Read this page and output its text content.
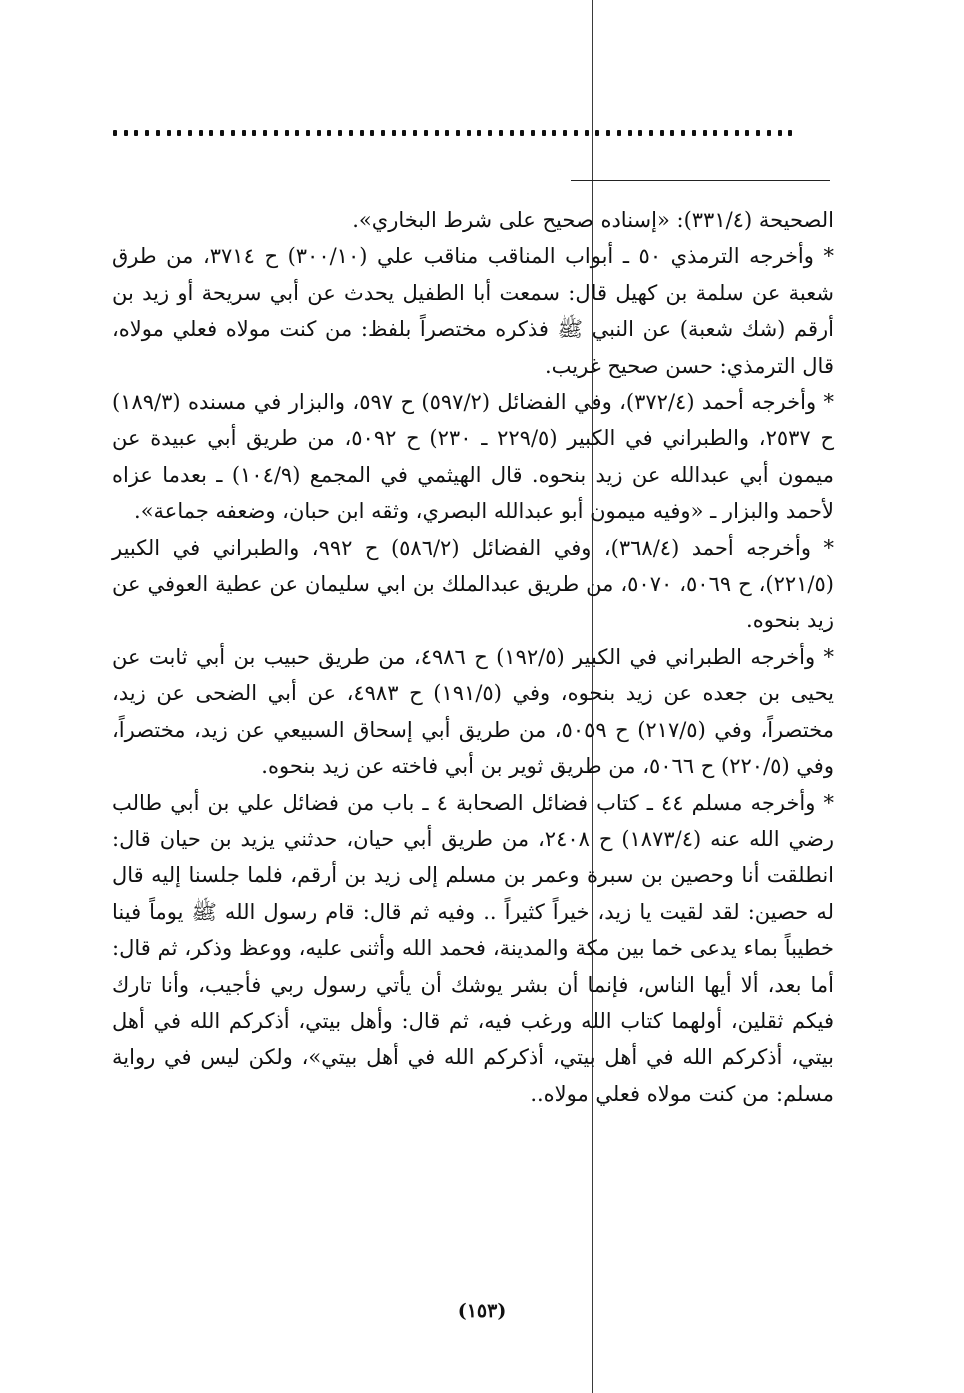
الصحيحة (٣٣١/٤): «إسناده صحيح على شرط البخاري».

* وأخرجه الترمذي ٥٠ ـ أبواب المناقب مناقب علي (٣٠٠/١٠) ح ٣٧١٤، من طرق شعبة عن سلمة بن كهيل قال: سمعت أبا الطفيل يحدث عن أبي سريحة أو زيد بن أرقم (شك شعبة) عن النبي ﷺ فذكره مختصراً بلفظ: من كنت مولاه فعلي مولاه، قال الترمذي: حسن صحيح غريب.

* وأخرجه أحمد (٣٧٢/٤)، وفي الفضائل (٥٩٧/٢) ح ٥٩٧، والبزار في مسنده (١٨٩/٣) ح ٢٥٣٧، والطبراني في الكبير (٢٢٩/٥ ـ ٢٣٠) ح ٥٠٩٢، من طريق أبي عبيدة عن ميمون أبي عبدالله عن زيد بنحوه. قال الهيثمي في المجمع (١٠٤/٩) ـ بعدما عزاه لأحمد والبزار ـ «وفيه ميمون أبو عبدالله البصري، وثقه ابن حبان، وضعفه جماعة».

* وأخرجه أحمد (٣٦٨/٤)، وفي الفضائل (٥٨٦/٢) ح ٩٩٢، والطبراني في الكبير (٢٢١/٥)، ح ٥٠٦٩، ٥٠٧٠، من طريق عبدالملك بن ابي سليمان عن عطية العوفي عن زيد بنحوه.

* وأخرجه الطبراني في الكبير (١٩٢/٥) ح ٤٩٨٦، من طريق حبيب بن أبي ثابت عن يحيى بن جعده عن زيد بنحوه، وفي (١٩١/٥) ح ٤٩٨٣، عن أبي الضحى عن زيد، مختصراً، وفي (٢١٧/٥) ح ٥٠٥٩، من طريق أبي إسحاق السبيعي عن زيد، مختصراً، وفي (٢٢٠/٥) ح ٥٠٦٦، من طريق ثوير بن أبي فاخته عن زيد بنحوه.

* وأخرجه مسلم ٤٤ ـ كتاب فضائل الصحابة ٤ ـ باب من فضائل علي بن أبي طالب رضي الله عنه (١٨٧٣/٤) ح ٢٤٠٨، من طريق أبي حيان، حدثني يزيد بن حيان قال: انطلقت أنا وحصين بن سبرة وعمر بن مسلم إلى زيد بن أرقم، فلما جلسنا إليه قال له حصين: لقد لقيت يا زيد، خيراً كثيراً .. وفيه ثم قال: قام رسول الله ﷺ يوماً فينا خطيباً بماء يدعى خما بين مكة والمدينة، فحمد الله وأثنى عليه، ووعظ وذكر، ثم قال: أما بعد، ألا أيها الناس، فإنما أن بشر يوشك أن يأتي رسول ربي فأجيب، وأنا تارك فيكم ثقلين، أولهما كتاب الله ورغب فيه، ثم قال: وأهل بيتي، أذكركم الله في أهل بيتي، أذكركم الله في أهل بيتي، أذكركم الله في أهل بيتي»، ولكن ليس في رواية مسلم: من كنت مولاه فعلي مولاه..

(١٥٣)
